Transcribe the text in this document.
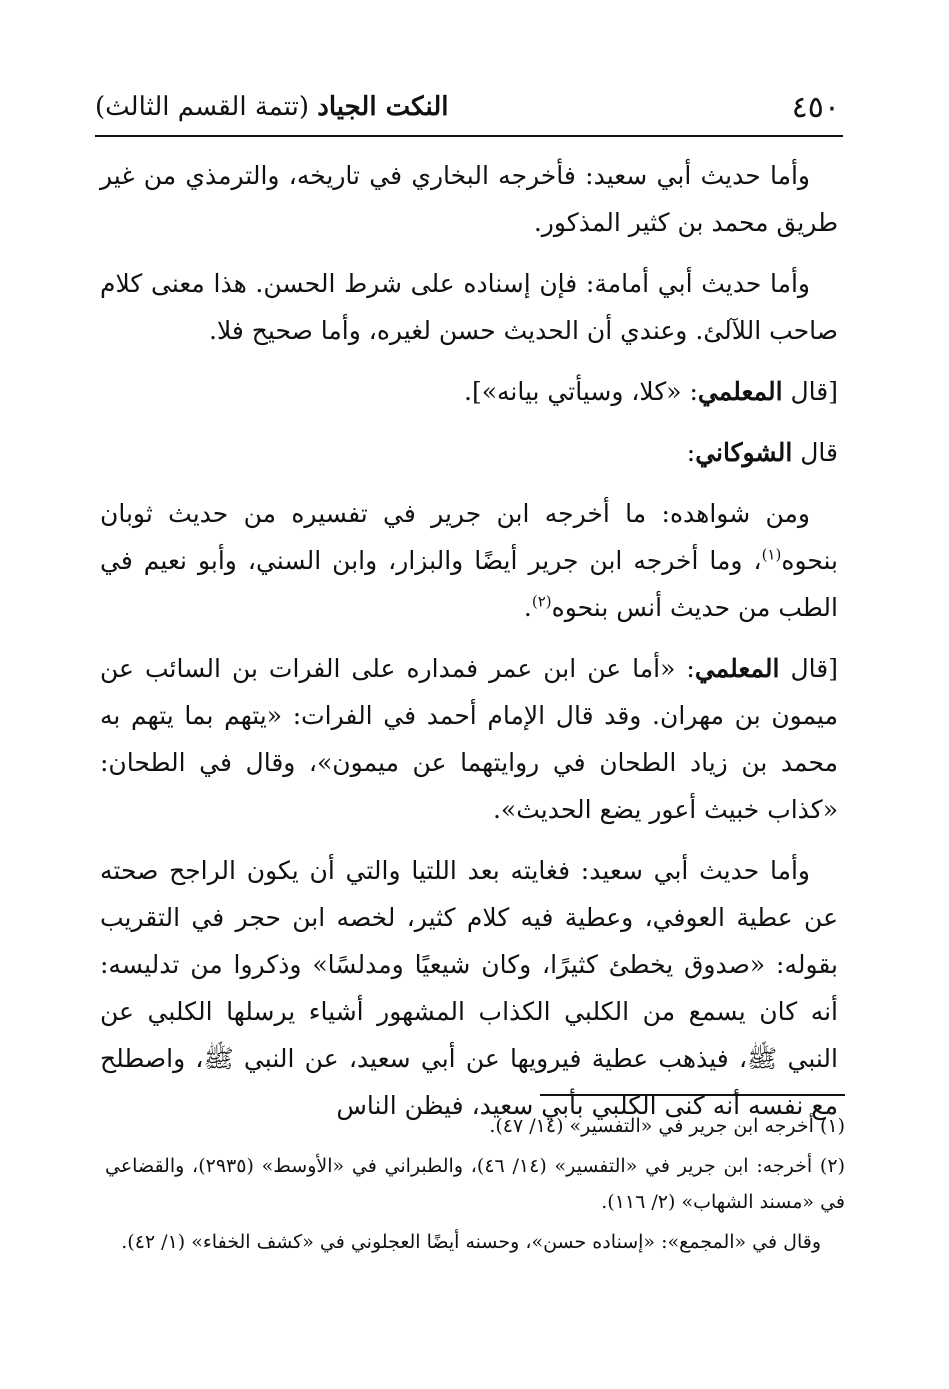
٤٥٠
النكت الجياد (تتمة القسم الثالث)

وأما حديث أبي سعيد: فأخرجه البخاري في تاريخه، والترمذي من غير طريق محمد بن كثير المذكور.

وأما حديث أبي أمامة: فإن إسناده على شرط الحسن. هذا معنى كلام صاحب اللآلئ. وعندي أن الحديث حسن لغيره، وأما صحيح فلا.

[قال المعلمي: «كلا، وسيأتي بيانه»].

قال الشوكاني:

ومن شواهده: ما أخرجه ابن جرير في تفسيره من حديث ثوبان بنحوه$^{(١)}$، وما أخرجه ابن جرير أيضًا والبزار، وابن السني، وأبو نعيم في الطب من حديث أنس بنحوه$^{(٢)}$.

[قال المعلمي: «أما عن ابن عمر فمداره على الفرات بن السائب عن ميمون بن مهران. وقد قال الإمام أحمد في الفرات: «يتهم بما يتهم به محمد بن زياد الطحان في روايتهما عن ميمون»، وقال في الطحان: «كذاب خبيث أعور يضع الحديث».

وأما حديث أبي سعيد: فغايته بعد اللتيا والتي أن يكون الراجح صحته عن عطية العوفي، وعطية فيه كلام كثير، لخصه ابن حجر في التقريب بقوله: «صدوق يخطئ كثيرًا، وكان شيعيًا ومدلسًا» وذكروا من تدليسه: أنه كان يسمع من الكلبي الكذاب المشهور أشياء يرسلها الكلبي عن النبي ﷺ، فيذهب عطية فيرويها عن أبي سعيد، عن النبي ﷺ، واصطلح مع نفسه أنه كنى الكلبي بأبي سعيد، فيظن الناس

(١) أخرجه ابن جرير في «التفسير» (١٤/ ٤٧).

(٢) أخرجه: ابن جرير في «التفسير» (١٤/ ٤٦)، والطبراني في «الأوسط» (٢٩٣٥)، والقضاعي في «مسند الشهاب» (٢/ ١١٦).

وقال في «المجمع»: «إسناده حسن»، وحسنه أيضًا العجلوني في «كشف الخفاء» (١/ ٤٢).
